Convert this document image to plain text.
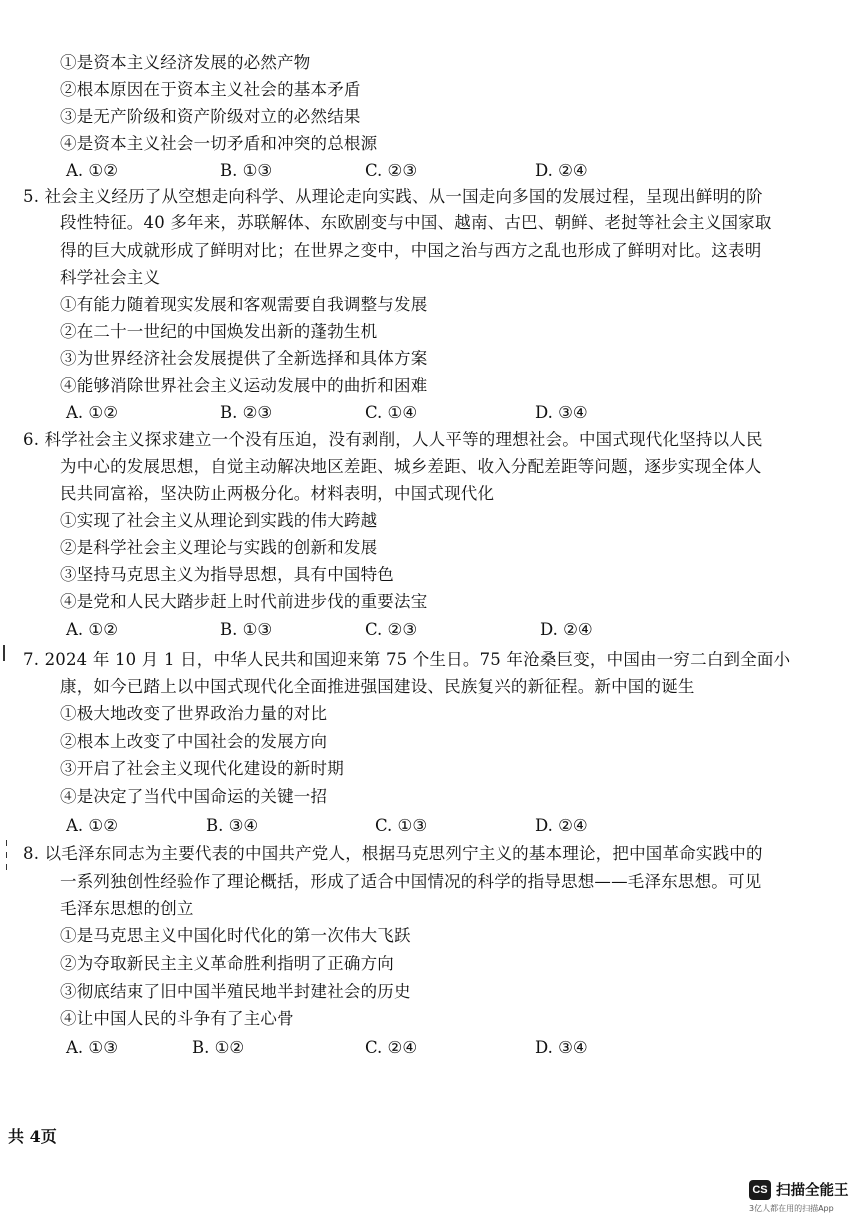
①是资本主义经济发展的必然产物
②根本原因在于资本主义社会的基本矛盾
③是无产阶级和资产阶级对立的必然结果
④是资本主义社会一切矛盾和冲突的总根源
A. ①②	B. ①③	C. ②③	D. ②④
5. 社会主义经历了从空想走向科学、从理论走向实践、从一国走向多国的发展过程，呈现出鲜明的阶
段性特征。40 多年来，苏联解体、东欧剧变与中国、越南、古巴、朝鲜、老挝等社会主义国家取
得的巨大成就形成了鲜明对比；在世界之变中，中国之治与西方之乱也形成了鲜明对比。这表明
科学社会主义
①有能力随着现实发展和客观需要自我调整与发展
②在二十一世纪的中国焕发出新的蓬勃生机
③为世界经济社会发展提供了全新选择和具体方案
④能够消除世界社会主义运动发展中的曲折和困难
A. ①②	B. ②③	C. ①④	D. ③④
6. 科学社会主义探求建立一个没有压迫，没有剥削，人人平等的理想社会。中国式现代化坚持以人民
为中心的发展思想，自觉主动解决地区差距、城乡差距、收入分配差距等问题，逐步实现全体人
民共同富裕，坚决防止两极分化。材料表明，中国式现代化
①实现了社会主义从理论到实践的伟大跨越
②是科学社会主义理论与实践的创新和发展
③坚持马克思主义为指导思想，具有中国特色
④是党和人民大踏步赶上时代前进步伐的重要法宝
A. ①②	B. ①③	C. ②③	D. ②④
7. 2024 年 10 月 1 日，中华人民共和国迎来第 75 个生日。75 年沧桑巨变，中国由一穷二白到全面小
康，如今已踏上以中国式现代化全面推进强国建设、民族复兴的新征程。新中国的诞生
①极大地改变了世界政治力量的对比
②根本上改变了中国社会的发展方向
③开启了社会主义现代化建设的新时期
④是决定了当代中国命运的关键一招
A. ①②	B. ③④	C. ①③	D. ②④
8. 以毛泽东同志为主要代表的中国共产党人，根据马克思列宁主义的基本理论，把中国革命实践中的
一系列独创性经验作了理论概括，形成了适合中国情况的科学的指导思想——毛泽东思想。可见
毛泽东思想的创立
①是马克思主义中国化时代化的第一次伟大飞跃
②为夺取新民主主义革命胜利指明了正确方向
③彻底结束了旧中国半殖民地半封建社会的历史
④让中国人民的斗争有了主心骨
A. ①③	B. ①②	C. ②④	D. ③④
共 4页
CS 扫描全能王
3亿人都在用的扫描App
